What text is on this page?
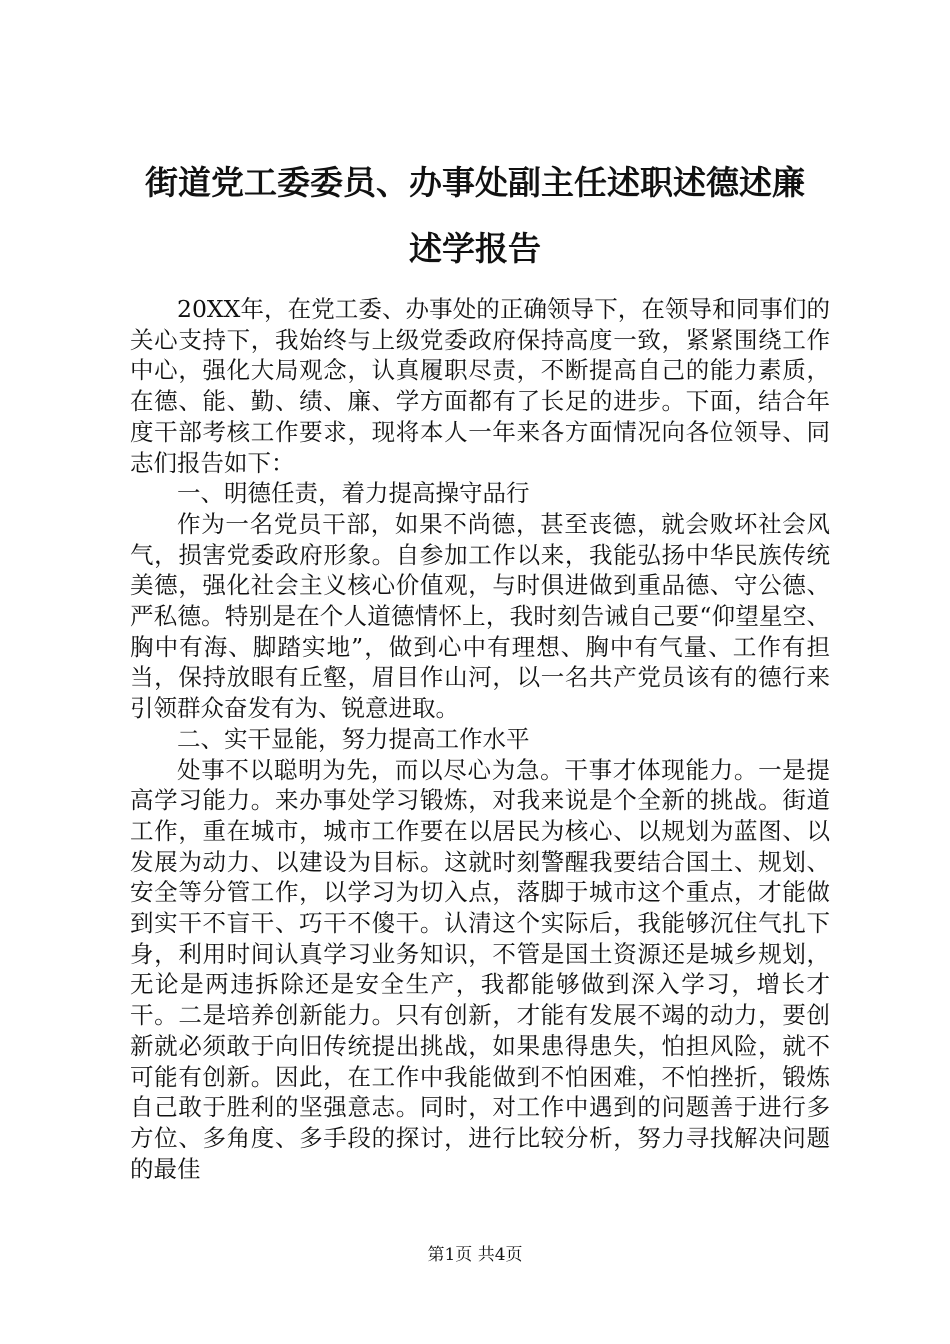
街道党工委委员、办事处副主任述职述德述廉
述学报告

20XX年，在党工委、办事处的正确领导下，在领导和同事们的关心支持下，我始终与上级党委政府保持高度一致，紧紧围绕工作中心，强化大局观念，认真履职尽责，不断提高自己的能力素质，在德、能、勤、绩、廉、学方面都有了长足的进步。下面，结合年度干部考核工作要求，现将本人一年来各方面情况向各位领导、同志们报告如下：

一、明德任责，着力提高操守品行

作为一名党员干部，如果不尚德，甚至丧德，就会败坏社会风气，损害党委政府形象。自参加工作以来，我能弘扬中华民族传统美德，强化社会主义核心价值观，与时俱进做到重品德、守公德、严私德。特别是在个人道德情怀上，我时刻告诫自己要“仰望星空、胸中有海、脚踏实地”，做到心中有理想、胸中有气量、工作有担当，保持放眼有丘壑，眉目作山河，以一名共产党员该有的德行来引领群众奋发有为、锐意进取。

二、实干显能，努力提高工作水平

处事不以聪明为先，而以尽心为急。干事才体现能力。一是提高学习能力。来办事处学习锻炼，对我来说是个全新的挑战。街道工作，重在城市，城市工作要在以居民为核心、以规划为蓝图、以发展为动力、以建设为目标。这就时刻警醒我要结合国土、规划、安全等分管工作，以学习为切入点，落脚于城市这个重点，才能做到实干不盲干、巧干不傻干。认清这个实际后，我能够沉住气扎下身，利用时间认真学习业务知识，不管是国土资源还是城乡规划，无论是两违拆除还是安全生产，我都能够做到深入学习，增长才干。二是培养创新能力。只有创新，才能有发展不竭的动力，要创新就必须敢于向旧传统提出挑战，如果患得患失，怕担风险，就不可能有创新。因此，在工作中我能做到不怕困难，不怕挫折，锻炼自己敢于胜利的坚强意志。同时，对工作中遇到的问题善于进行多方位、多角度、多手段的探讨，进行比较分析，努力寻找解决问题的最佳

第1页 共4页
